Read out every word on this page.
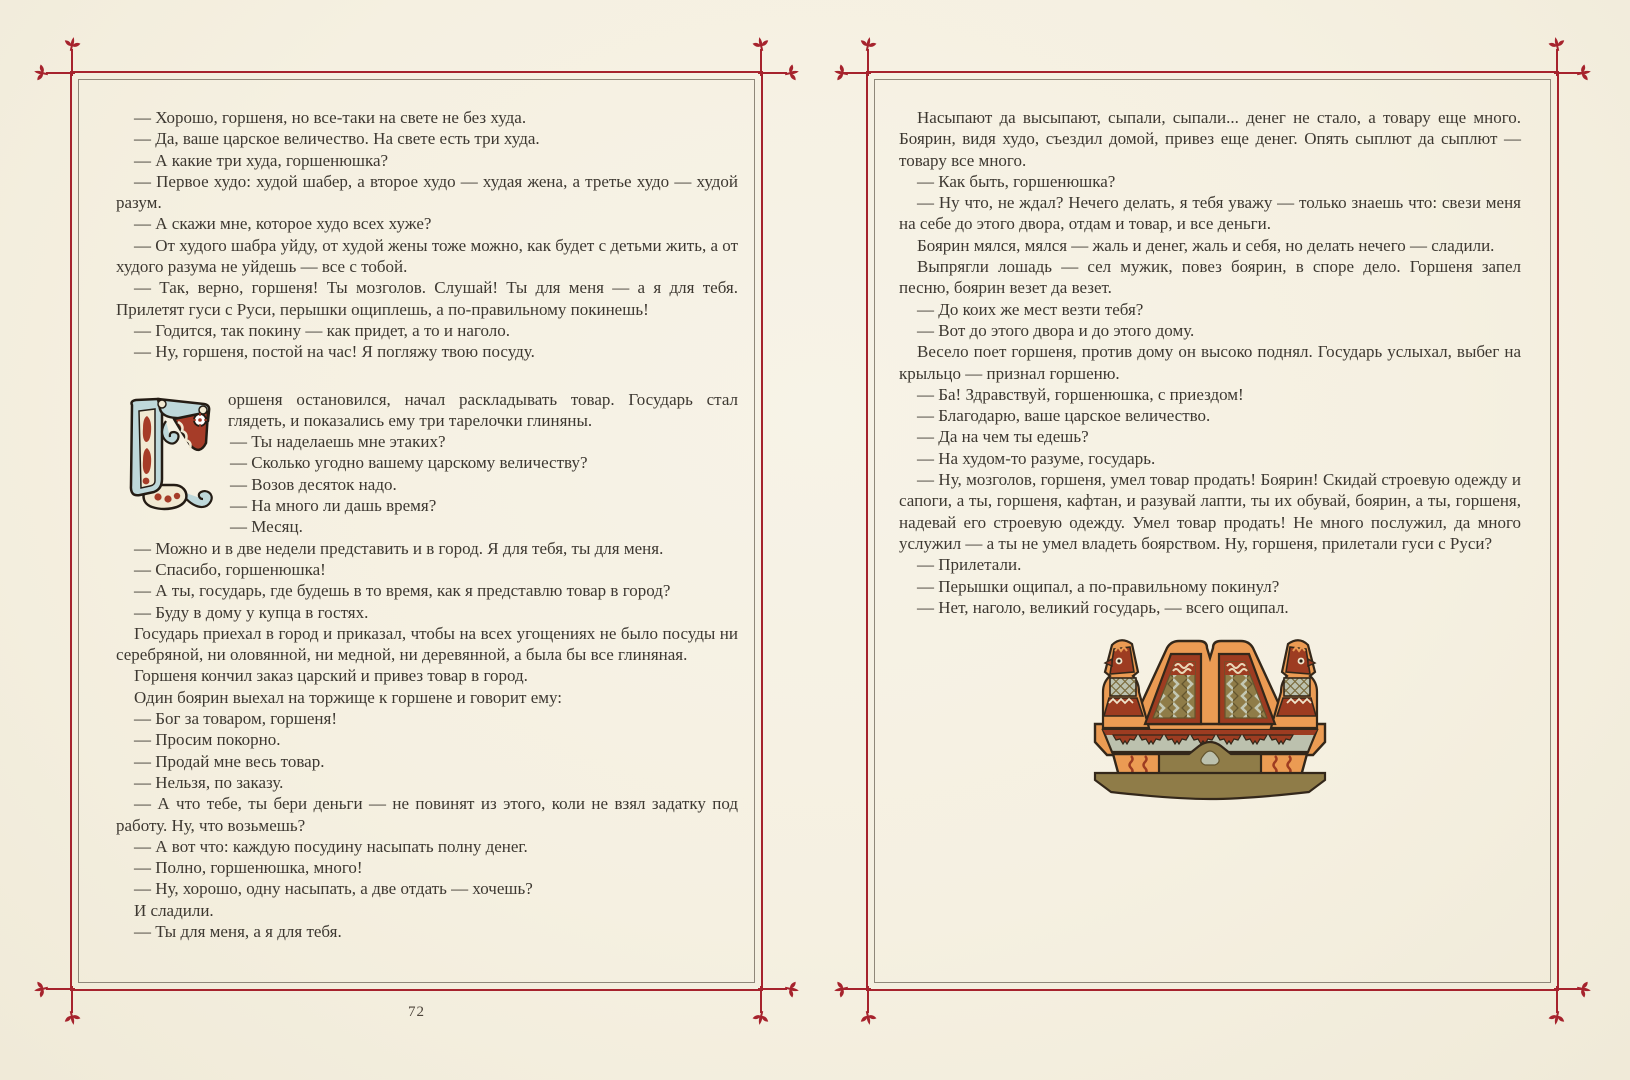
— Хорошо, горшеня, но все-таки на свете не без худа.

— Да, ваше царское величество. На свете есть три худа.

— А какие три худа, горшенюшка?

— Первое худо: худой шабер, а второе худо — худая жена, а третье худо — худой разум.

— А скажи мне, которое худо всех хуже?

— От худого шабра уйду, от худой жены тоже можно, как будет с детьми жить, а от худого разума не уйдешь — все с тобой.

— Так, верно, горшеня! Ты мозголов. Слушай! Ты для меня — а я для тебя. Прилетят гуси с Руси, перышки ощиплешь, а по-правильному покинешь!

— Годится, так покину — как придет, а то и наголо.

— Ну, горшеня, постой на час! Я погляжу твою посуду.

оршеня остановился, начал раскладывать товар. Государь стал глядеть, и показались ему три тарелочки глиняны.

— Ты наделаешь мне этаких?

— Сколько угодно вашему царскому величеству?

— Возов десяток надо.

— На много ли дашь время?

— Месяц.

— Можно и в две недели представить и в город. Я для тебя, ты для меня.

— Спасибо, горшенюшка!

— А ты, государь, где будешь в то время, как я представлю товар в город?

— Буду в дому у купца в гостях.

Государь приехал в город и приказал, чтобы на всех угощениях не было посуды ни серебряной, ни оловянной, ни медной, ни деревянной, а была бы все глиняная.

Горшеня кончил заказ царский и привез товар в город.

Один боярин выехал на торжище к горшене и говорит ему:

— Бог за товаром, горшеня!

— Просим покорно.

— Продай мне весь товар.

— Нельзя, по заказу.

— А что тебе, ты бери деньги — не повинят из этого, коли не взял задатку под работу. Ну, что возьмешь?

— А вот что: каждую посудину насыпать полну денег.

— Полно, горшенюшка, много!

— Ну, хорошо, одну насыпать, а две отдать — хочешь?

И сладили.

— Ты для меня, а я для тебя.

Насыпают да высыпают, сыпали, сыпали... денег не стало, а товару еще много. Боярин, видя худо, съездил домой, привез еще денег. Опять сыплют да сыплют — товару все много.

— Как быть, горшенюшка?

— Ну что, не ждал? Нечего делать, я тебя уважу — только знаешь что: свези меня на себе до этого двора, отдам и товар, и все деньги.

Боярин мялся, мялся — жаль и денег, жаль и себя, но делать нечего — сладили.

Выпрягли лошадь — сел мужик, повез боярин, в споре дело. Горшеня запел песню, боярин везет да везет.

— До коих же мест везти тебя?

— Вот до этого двора и до этого дому.

Весело поет горшеня, против дому он высоко поднял. Государь услыхал, выбег на крыльцо — признал горшеню.

— Ба! Здравствуй, горшенюшка, с приездом!

— Благодарю, ваше царское величество.

— Да на чем ты едешь?

— На худом-то разуме, государь.

— Ну, мозголов, горшеня, умел товар продать! Боярин! Скидай строевую одежду и сапоги, а ты, горшеня, кафтан, и разувай лапти, ты их обувай, боярин, а ты, горшеня, надевай его строевую одежду. Умел товар продать! Не много послужил, да много услужил — а ты не умел владеть боярством. Ну, горшеня, прилетали гуси с Руси?

— Прилетали.

— Перышки ощипал, а по-правильному покинул?

— Нет, наголо, великий государь, — всего ощипал.

72
